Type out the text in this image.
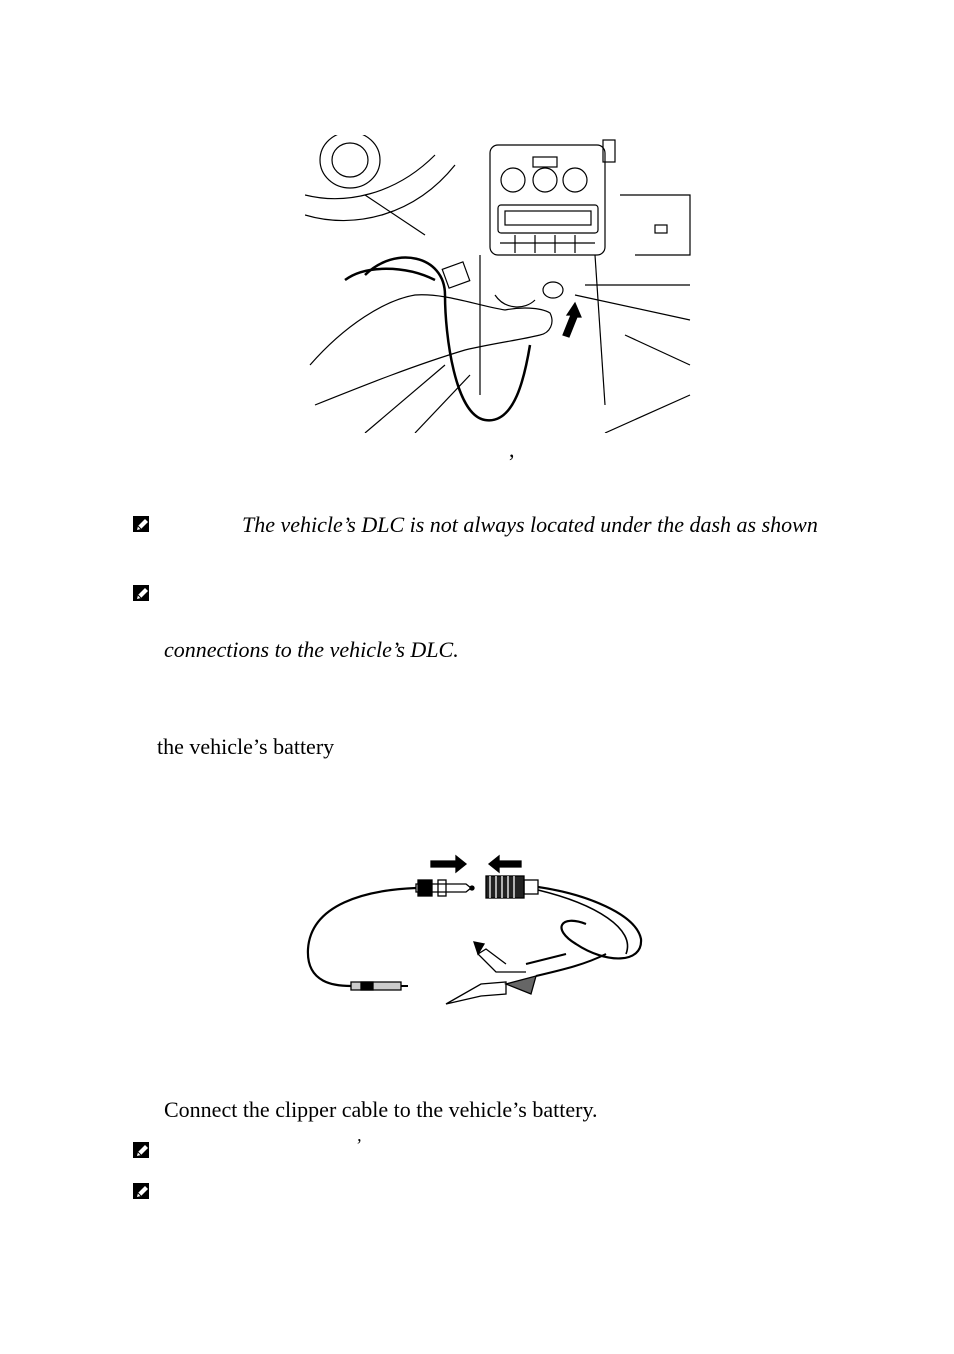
,
The vehicle’s DLC is not always located under the dash as shown
connections to the vehicle’s DLC.
the vehicle’s battery
Connect the clipper cable to the vehicle’s battery.
’
